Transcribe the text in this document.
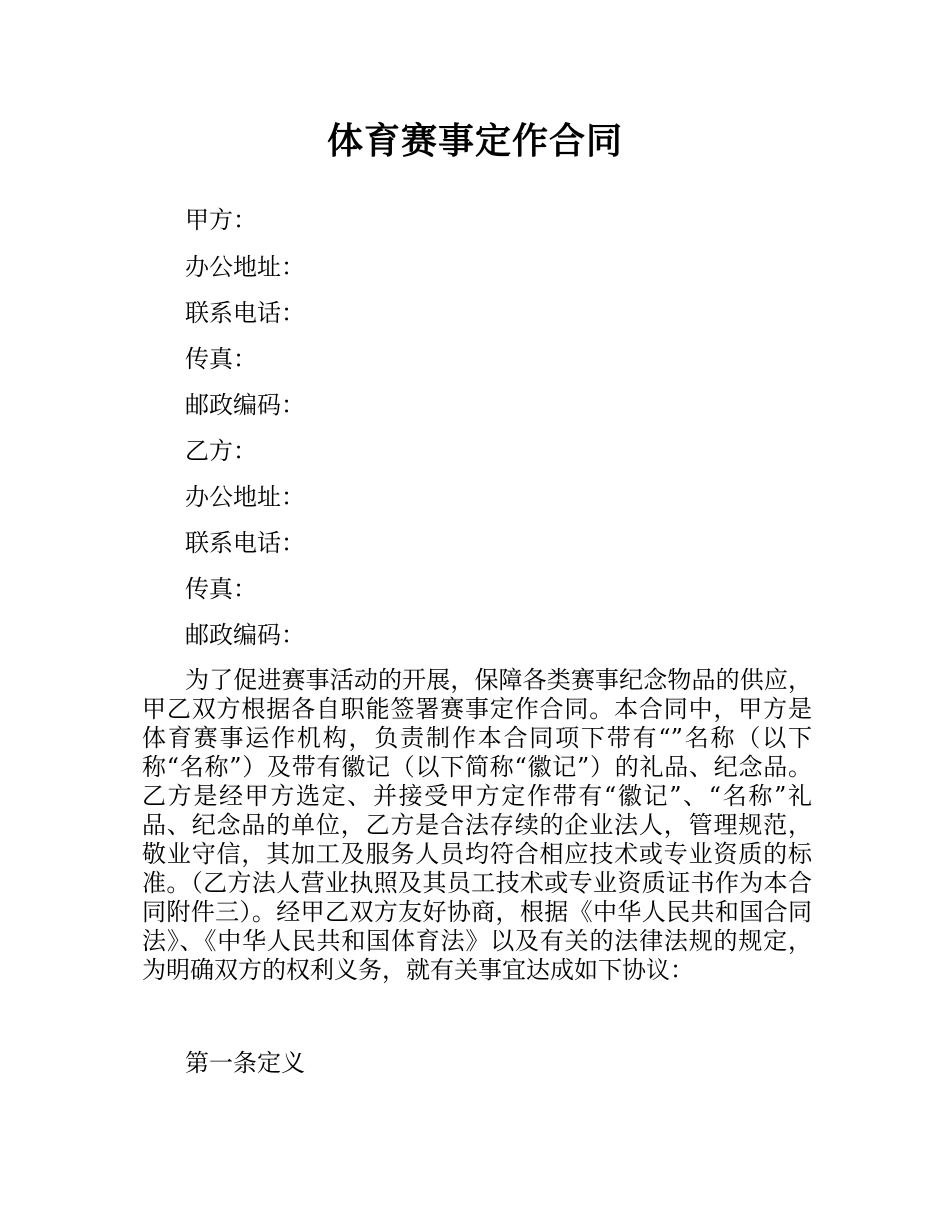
体育赛事定作合同
甲方：
办公地址：
联系电话：
传真：
邮政编码：
乙方：
办公地址：
联系电话：
传真：
邮政编码：
为了促进赛事活动的开展，保障各类赛事纪念物品的供应，甲乙双方根据各自职能签署赛事定作合同。本合同中，甲方是体育赛事运作机构，负责制作本合同项下带有“”名称（以下称“名称”）及带有徽记（以下简称“徽记”）的礼品、纪念品。乙方是经甲方选定、并接受甲方定作带有“徽记”、“名称”礼品、纪念品的单位，乙方是合法存续的企业法人，管理规范，敬业守信，其加工及服务人员均符合相应技术或专业资质的标准。（乙方法人营业执照及其员工技术或专业资质证书作为本合同附件三）。经甲乙双方友好协商，根据《中华人民共和国合同法》、《中华人民共和国体育法》以及有关的法律法规的规定，为明确双方的权利义务，就有关事宜达成如下协议：
第一条定义
